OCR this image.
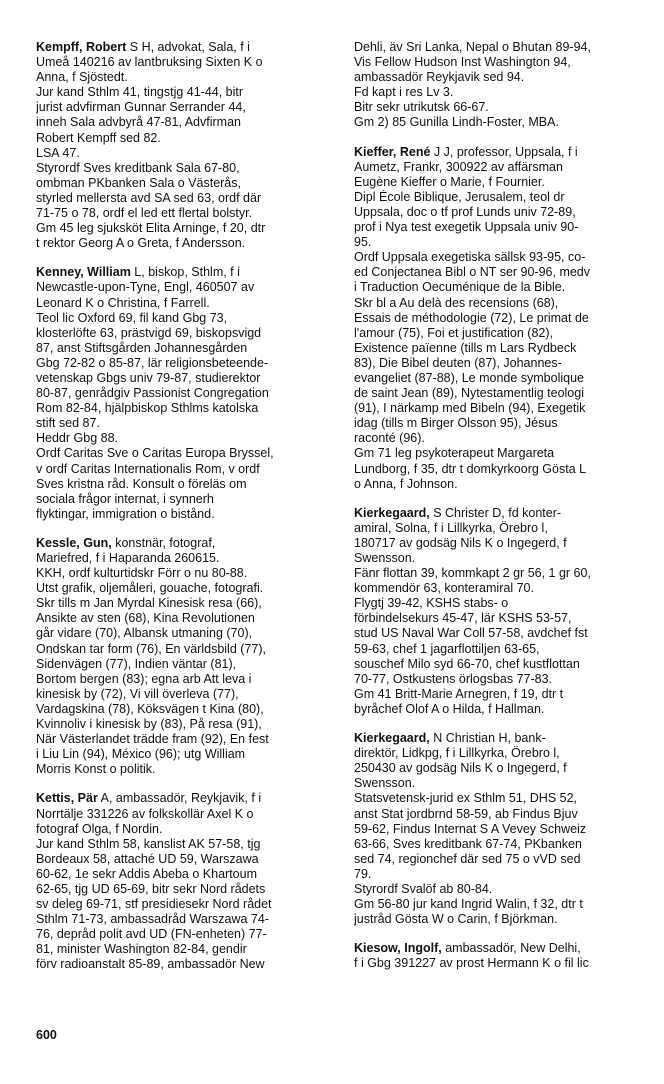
Kempff, Robert S H, advokat, Sala, f i
Umeå 140216 av lantbruksing Sixten K o
Anna, f Sjöstedt.
Jur kand Sthlm 41, tingstjg 41-44, bitr
jurist advfirman Gunnar Serrander 44,
inneh Sala advbyrå 47-81, Advfirman
Robert Kempff sed 82.
LSA 47.
Styrordf Sves kreditbank Sala 67-80,
ombman PKbanken Sala o Västerås,
styrled mellersta avd SA sed 63, ordf där
71-75 o 78, ordf el led ett flertal bolstyr.
Gm 45 leg sjuksköt Elita Arninge, f 20, dtr
t rektor Georg A o Greta, f Andersson.
Kenney, William L, biskop, Sthlm, f i
Newcastle-upon-Tyne, Engl, 460507 av
Leonard K o Christina, f Farrell.
Teol lic Oxford 69, fil kand Gbg 73,
klosterlöfte 63, prästvigd 69, biskopsvigd
87, anst Stiftsgården Johannesgården
Gbg 72-82 o 85-87, lär religionsbeteende-
vetenskap Gbgs univ 79-87, studierektor
80-87, genrådgiv Passionist Congregation
Rom 82-84, hjälpbiskop Sthlms katolska
stift sed 87.
Heddr Gbg 88.
Ordf Caritas Sve o Caritas Europa Bryssel,
v ordf Caritas Internationalis Rom, v ordf
Sves kristna råd. Konsult o föreläs om
sociala frågor internat, i synnerh
flyktingar, immigration o bistånd.
Kessle, Gun, konstnär, fotograf,
Mariefred, f i Haparanda 260615.
KKH, ordf kulturtidskr Förr o nu 80-88.
Utst grafik, oljemåleri, gouache, fotografi.
Skr tills m Jan Myrdal Kinesisk resa (66),
Ansikte av sten (68), Kina Revolutionen
går vidare (70), Albansk utmaning (70),
Ondskan tar form (76), En världsbild (77),
Sidenvägen (77), Indien väntar (81),
Bortom bergen (83); egna arb Att leva i
kinesisk by (72), Vi vill överleva (77),
Vardagskina (78), Köksvägen t Kina (80),
Kvinnoliv i kinesisk by (83), På resa (91),
När Västerlandet trädde fram (92), En fest
i Liu Lin (94), México (96); utg William
Morris Konst o politik.
Kettis, Pär A, ambassadör, Reykjavik, f i
Norrtälje 331226 av folkskollär Axel K o
fotograf Olga, f Nordin.
Jur kand Sthlm 58, kanslist AK 57-58, tjg
Bordeaux 58, attaché UD 59, Warszawa
60-62, 1e sekr Addis Abeba o Khartoum
62-65, tjg UD 65-69, bitr sekr Nord rådets
sv deleg 69-71, stf presidiesekr Nord rådet
Sthlm 71-73, ambassadråd Warszawa 74-
76, depråd polit avd UD (FN-enheten) 77-
81, minister Washington 82-84, gendir
förv radioanstalt 85-89, ambassadör New
Dehli, äv Sri Lanka, Nepal o Bhutan 89-94,
Vis Fellow Hudson Inst Washington 94,
ambassadör Reykjavik sed 94.
Fd kapt i res Lv 3.
Bitr sekr utrikutsk 66-67.
Gm 2) 85 Gunilla Lindh-Foster, MBA.
Kieffer, René J J, professor, Uppsala, f i
Aumetz, Frankr, 300922 av affärsman
Eugène Kieffer o Marie, f Fournier.
Dipl École Biblique, Jerusalem, teol dr
Uppsala, doc o tf prof Lunds univ 72-89,
prof i Nya test exegetik Uppsala univ 90-
95.
Ordf Uppsala exegetiska sällsk 93-95, co-
ed Conjectanea Bibl o NT ser 90-96, medv
i Traduction Oecuménique de la Bible.
Skr bl a Au delà des recensions (68),
Essais de méthodologie (72), Le primat de
l'amour (75), Foi et justification (82),
Existence païenne (tills m Lars Rydbeck
83), Die Bibel deuten (87), Johannes-
evangeliet (87-88), Le monde symbolique
de saint Jean (89), Nytestamentlig teologi
(91), I närkamp med Bibeln (94), Exegetik
idag (tills m Birger Olsson 95), Jésus
raconté (96).
Gm 71 leg psykoterapeut Margareta
Lundborg, f 35, dtr t domkyrkoorg Gösta L
o Anna, f Johnson.
Kierkegaard, S Christer D, fd konter-
amiral, Solna, f i Lillkyrka, Örebro l,
180717 av godsäg Nils K o Ingegerd, f
Swensson.
Fänr flottan 39, kommkapt 2 gr 56, 1 gr 60,
kommendör 63, konteramiral 70.
Flygtj 39-42, KSHS stabs- o
förbindelsekurs 45-47, lär KSHS 53-57,
stud US Naval War Coll 57-58, avdchef fst
59-63, chef 1 jagarflottiljen 63-65,
souschef Milo syd 66-70, chef kustflottan
70-77, Ostkustens örlogsbas 77-83.
Gm 41 Britt-Marie Arnegren, f 19, dtr t
byråchef Olof A o Hilda, f Hallman.
Kierkegaard, N Christian H, bank-
direktör, Lidkpg, f i Lillkyrka, Örebro l,
250430 av godsäg Nils K o Ingegerd, f
Swensson.
Statsvetensk-jurid ex Sthlm 51, DHS 52,
anst Stat jordbrnd 58-59, ab Findus Bjuv
59-62, Findus Internat S A Vevey Schweiz
63-66, Sves kreditbank 67-74, PKbanken
sed 74, regionchef där sed 75 o vVD sed
79.
Styrordf Svalöf ab 80-84.
Gm 56-80 jur kand Ingrid Walin, f 32, dtr t
justråd Gösta W o Carin, f Björkman.
Kiesow, Ingolf, ambassadör, New Delhi,
f i Gbg 391227 av prost Hermann K o fil lic
600
